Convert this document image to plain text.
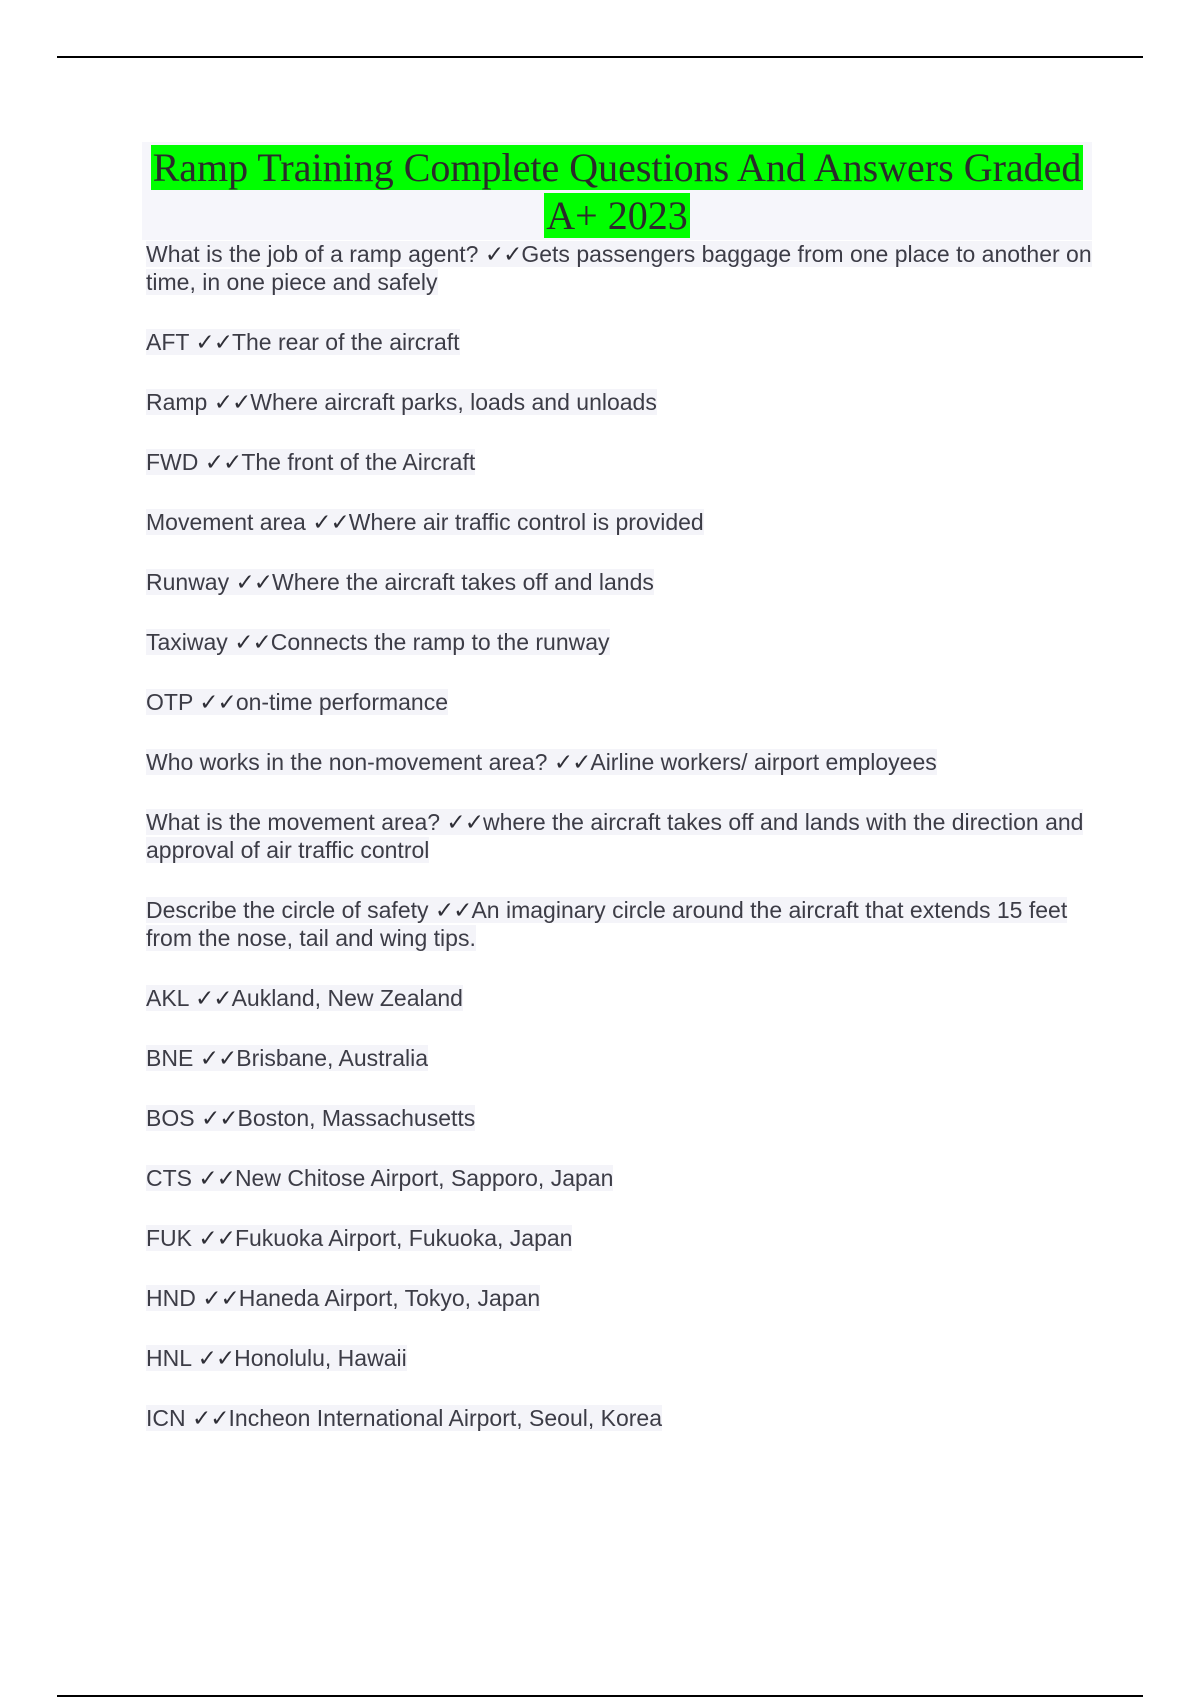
Ramp Training Complete Questions And Answers Graded
A+ 2023
What is the job of a ramp agent? ✓✓Gets passengers baggage from one place to another on time, in one piece and safely
AFT ✓✓The rear of the aircraft
Ramp ✓✓Where aircraft parks, loads and unloads
FWD ✓✓The front of the Aircraft
Movement area ✓✓Where air traffic control is provided
Runway ✓✓Where the aircraft takes off and lands
Taxiway ✓✓Connects the ramp to the runway
OTP ✓✓on-time performance
Who works in the non-movement area? ✓✓Airline workers/ airport employees
What is the movement area? ✓✓where the aircraft takes off and lands with the direction and approval of air traffic control
Describe the circle of safety ✓✓An imaginary circle around the aircraft that extends 15 feet from the nose, tail and wing tips.
AKL ✓✓Aukland, New Zealand
BNE ✓✓Brisbane, Australia
BOS ✓✓Boston, Massachusetts
CTS ✓✓New Chitose Airport, Sapporo, Japan
FUK ✓✓Fukuoka Airport, Fukuoka, Japan
HND ✓✓Haneda Airport, Tokyo, Japan
HNL ✓✓Honolulu, Hawaii
ICN ✓✓Incheon International Airport, Seoul, Korea
